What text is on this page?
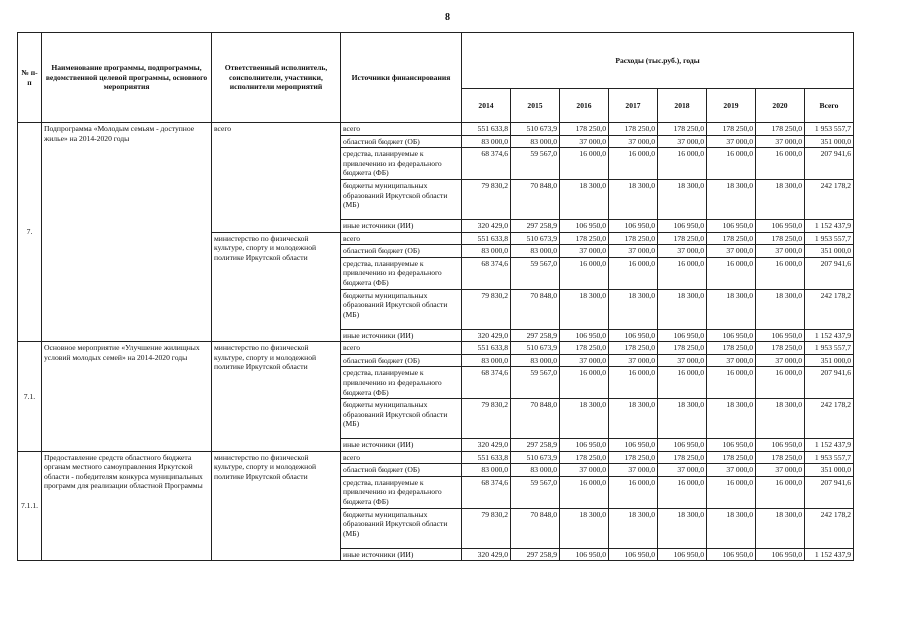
8
№ п-п	Наименование программы, подпрограммы, ведомственной целевой программы, основного мероприятия	Ответственный исполнитель, соисполнители, участники, исполнители мероприятий	Источники финансирования	Расходы (тыс.руб.), годы							
				2014	2015	2016	2017	2018	2019	2020	Всего
7.	Подпрограмма «Молодым семьям - доступное жилье» на 2014-2020 годы	всего	всего	551 633,8	510 673,9	178 250,0	178 250,0	178 250,0	178 250,0	178 250,0	1 953 557,7
			областной бюджет (ОБ)	83 000,0	83 000,0	37 000,0	37 000,0	37 000,0	37 000,0	37 000,0	351 000,0
			средства, планируемые к привлечению из федерального бюджета (ФБ)	68 374,6	59 567,0	16 000,0	16 000,0	16 000,0	16 000,0	16 000,0	207 941,6
			бюджеты муниципальных образований Иркутской области (МБ)	79 830,2	70 848,0	18 300,0	18 300,0	18 300,0	18 300,0	18 300,0	242 178,2
			иные источники (ИИ)	320 429,0	297 258,9	106 950,0	106 950,0	106 950,0	106 950,0	106 950,0	1 152 437,9
		министерство по физической культуре, спорту и молодежной политике Иркутской области	всего	551 633,8	510 673,9	178 250,0	178 250,0	178 250,0	178 250,0	178 250,0	1 953 557,7
			областной бюджет (ОБ)	83 000,0	83 000,0	37 000,0	37 000,0	37 000,0	37 000,0	37 000,0	351 000,0
			средства, планируемые к привлечению из федерального бюджета (ФБ)	68 374,6	59 567,0	16 000,0	16 000,0	16 000,0	16 000,0	16 000,0	207 941,6
			бюджеты муниципальных образований Иркутской области (МБ)	79 830,2	70 848,0	18 300,0	18 300,0	18 300,0	18 300,0	18 300,0	242 178,2
			иные источники (ИИ)	320 429,0	297 258,9	106 950,0	106 950,0	106 950,0	106 950,0	106 950,0	1 152 437,9
7.1.	Основное мероприятие «Улучшение жилищных условий молодых семей» на 2014-2020 годы	министерство по физической культуре, спорту и молодежной политике Иркутской области	всего	551 633,8	510 673,9	178 250,0	178 250,0	178 250,0	178 250,0	178 250,0	1 953 557,7
			областной бюджет (ОБ)	83 000,0	83 000,0	37 000,0	37 000,0	37 000,0	37 000,0	37 000,0	351 000,0
			средства, планируемые к привлечению из федерального бюджета (ФБ)	68 374,6	59 567,0	16 000,0	16 000,0	16 000,0	16 000,0	16 000,0	207 941,6
			бюджеты муниципальных образований Иркутской области (МБ)	79 830,2	70 848,0	18 300,0	18 300,0	18 300,0	18 300,0	18 300,0	242 178,2
			иные источники (ИИ)	320 429,0	297 258,9	106 950,0	106 950,0	106 950,0	106 950,0	106 950,0	1 152 437,9
7.1.1.	Предоставление средств областного бюджета органам местного самоуправления Иркутской области - победителям конкурса муниципальных программ для реализации областной Программы	министерство по физической культуре, спорту и молодежной политике Иркутской области	всего	551 633,8	510 673,9	178 250,0	178 250,0	178 250,0	178 250,0	178 250,0	1 953 557,7
			областной бюджет (ОБ)	83 000,0	83 000,0	37 000,0	37 000,0	37 000,0	37 000,0	37 000,0	351 000,0
			средства, планируемые к привлечению из федерального бюджета (ФБ)	68 374,6	59 567,0	16 000,0	16 000,0	16 000,0	16 000,0	16 000,0	207 941,6
			бюджеты муниципальных образований Иркутской области (МБ)	79 830,2	70 848,0	18 300,0	18 300,0	18 300,0	18 300,0	18 300,0	242 178,2
			иные источники (ИИ)	320 429,0	297 258,9	106 950,0	106 950,0	106 950,0	106 950,0	106 950,0	1 152 437,9
